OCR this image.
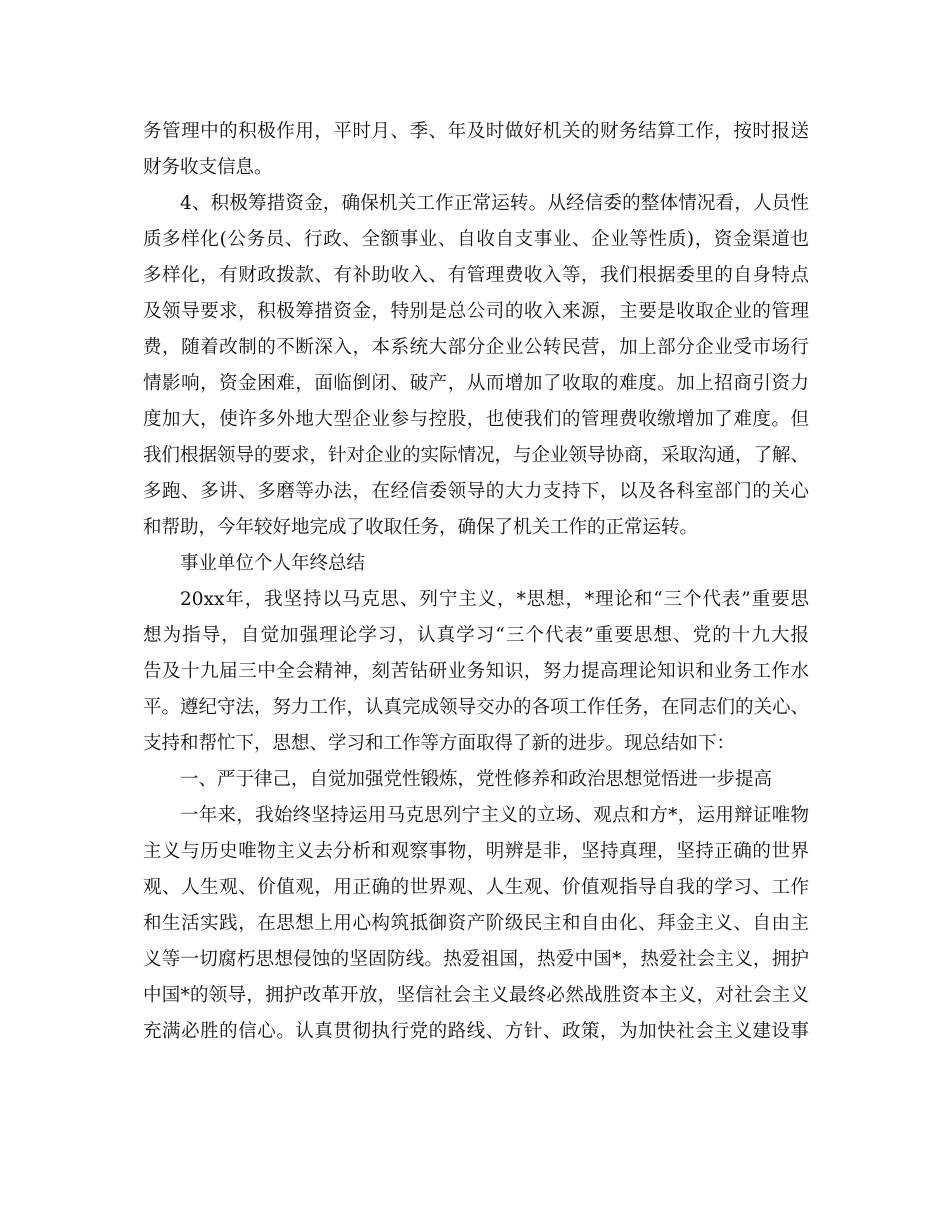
务管理中的积极作用，平时月、季、年及时做好机关的财务结算工作，按时报送
财务收支信息。
4、积极筹措资金，确保机关工作正常运转。从经信委的整体情况看，人员性
质多样化(公务员、行政、全额事业、自收自支事业、企业等性质)，资金渠道也
多样化，有财政拨款、有补助收入、有管理费收入等，我们根据委里的自身特点
及领导要求，积极筹措资金，特别是总公司的收入来源，主要是收取企业的管理
费，随着改制的不断深入，本系统大部分企业公转民营，加上部分企业受市场行
情影响，资金困难，面临倒闭、破产，从而增加了收取的难度。加上招商引资力
度加大，使许多外地大型企业参与控股，也使我们的管理费收缴增加了难度。但
我们根据领导的要求，针对企业的实际情况，与企业领导协商，采取沟通，了解、
多跑、多讲、多磨等办法，在经信委领导的大力支持下，以及各科室部门的关心
和帮助，今年较好地完成了收取任务，确保了机关工作的正常运转。
事业单位个人年终总结
20xx年，我坚持以马克思、列宁主义，*思想，*理论和“三个代表”重要思
想为指导，自觉加强理论学习，认真学习“三个代表”重要思想、党的十九大报
告及十九届三中全会精神，刻苦钻研业务知识，努力提高理论知识和业务工作水
平。遵纪守法，努力工作，认真完成领导交办的各项工作任务，在同志们的关心、
支持和帮忙下，思想、学习和工作等方面取得了新的进步。现总结如下：
一、严于律己，自觉加强党性锻炼，党性修养和政治思想觉悟进一步提高
一年来，我始终坚持运用马克思列宁主义的立场、观点和方*，运用辩证唯物
主义与历史唯物主义去分析和观察事物，明辨是非，坚持真理，坚持正确的世界
观、人生观、价值观，用正确的世界观、人生观、价值观指导自我的学习、工作
和生活实践，在思想上用心构筑抵御资产阶级民主和自由化、拜金主义、自由主
义等一切腐朽思想侵蚀的坚固防线。热爱祖国，热爱中国*，热爱社会主义，拥护
中国*的领导，拥护改革开放，坚信社会主义最终必然战胜资本主义，对社会主义
充满必胜的信心。认真贯彻执行党的路线、方针、政策，为加快社会主义建设事
